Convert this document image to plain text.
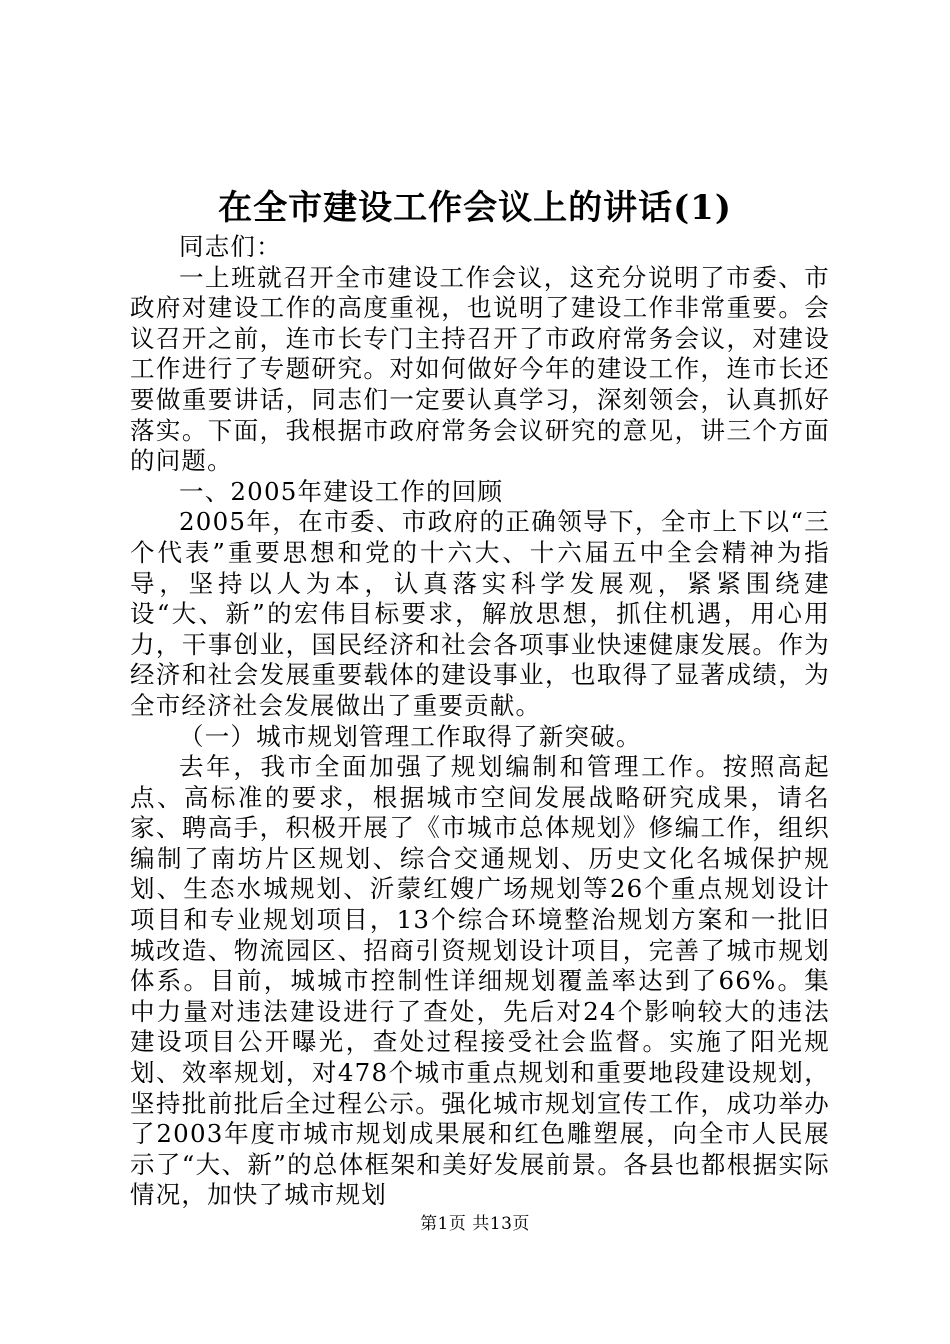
在全市建设工作会议上的讲话(1)

同志们：

一上班就召开全市建设工作会议，这充分说明了市委、市政府对建设工作的高度重视，也说明了建设工作非常重要。会议召开之前，连市长专门主持召开了市政府常务会议，对建设工作进行了专题研究。对如何做好今年的建设工作，连市长还要做重要讲话，同志们一定要认真学习，深刻领会，认真抓好落实。下面，我根据市政府常务会议研究的意见，讲三个方面的问题。

一、2005年建设工作的回顾

2005年，在市委、市政府的正确领导下，全市上下以“三个代表”重要思想和党的十六大、十六届五中全会精神为指导，坚持以人为本，认真落实科学发展观，紧紧围绕建设“大、新”的宏伟目标要求，解放思想，抓住机遇，用心用力，干事创业，国民经济和社会各项事业快速健康发展。作为经济和社会发展重要载体的建设事业，也取得了显著成绩，为全市经济社会发展做出了重要贡献。

（一）城市规划管理工作取得了新突破。

去年，我市全面加强了规划编制和管理工作。按照高起点、高标准的要求，根据城市空间发展战略研究成果，请名家、聘高手，积极开展了《市城市总体规划》修编工作，组织编制了南坊片区规划、综合交通规划、历史文化名城保护规划、生态水城规划、沂蒙红嫂广场规划等26个重点规划设计项目和专业规划项目，13个综合环境整治规划方案和一批旧城改造、物流园区、招商引资规划设计项目，完善了城市规划体系。目前，城城市控制性详细规划覆盖率达到了66%。集中力量对违法建设进行了查处，先后对24个影响较大的违法建设项目公开曝光，查处过程接受社会监督。实施了阳光规划、效率规划，对478个城市重点规划和重要地段建设规划，坚持批前批后全过程公示。强化城市规划宣传工作，成功举办了2003年度市城市规划成果展和红色雕塑展，向全市人民展示了“大、新”的总体框架和美好发展前景。各县也都根据实际情况，加快了城市规划

第1页 共13页
